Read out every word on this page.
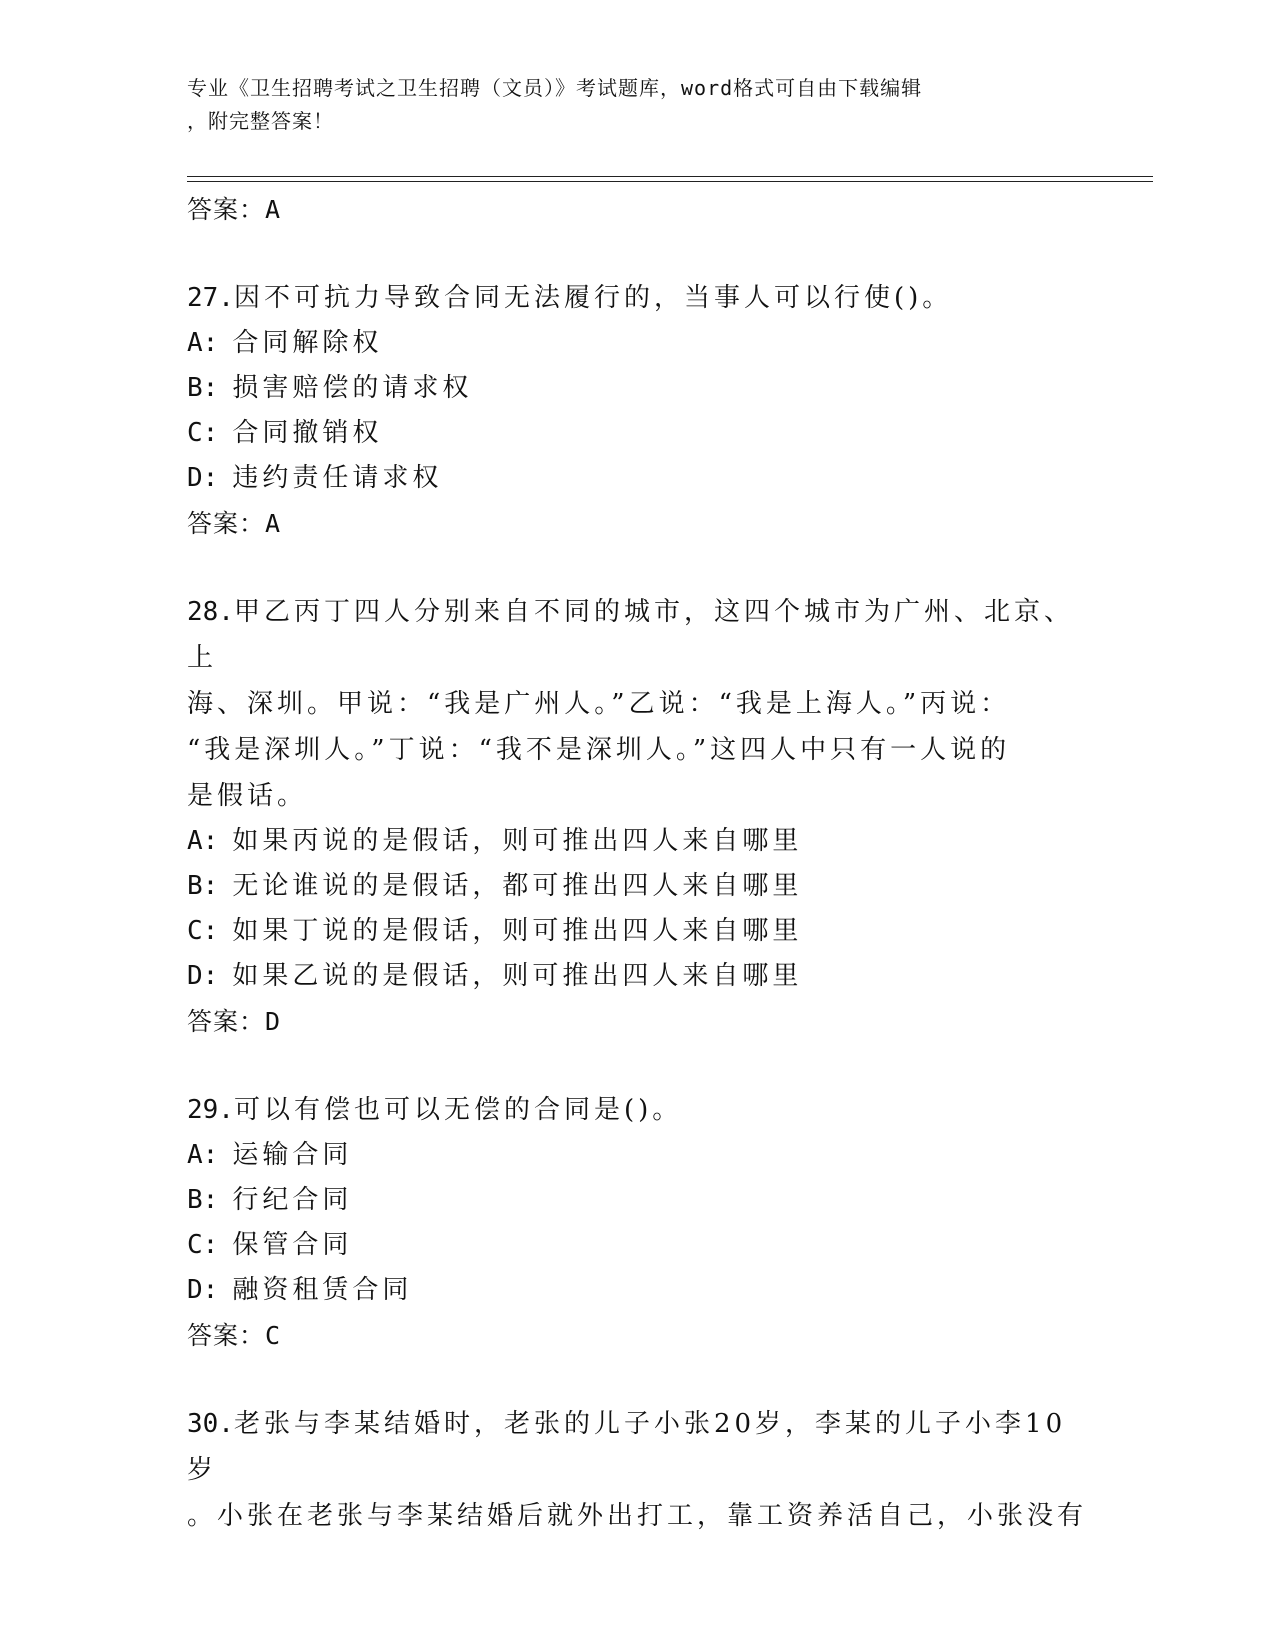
专业《卫生招聘考试之卫生招聘（文员）》考试题库，word格式可自由下载编辑
，附完整答案！
答案：A
27.因不可抗力导致合同无法履行的，当事人可以行使()。
A: 合同解除权
B: 损害赔偿的请求权
C: 合同撤销权
D: 违约责任请求权
答案：A
28.甲乙丙丁四人分别来自不同的城市，这四个城市为广州、北京、上
海、深圳。甲说：“我是广州人。”乙说：“我是上海人。”丙说：
“我是深圳人。”丁说：“我不是深圳人。”这四人中只有一人说的
是假话。
A: 如果丙说的是假话，则可推出四人来自哪里
B: 无论谁说的是假话，都可推出四人来自哪里
C: 如果丁说的是假话，则可推出四人来自哪里
D: 如果乙说的是假话，则可推出四人来自哪里
答案：D
29.可以有偿也可以无偿的合同是()。
A: 运输合同
B: 行纪合同
C: 保管合同
D: 融资租赁合同
答案：C
30.老张与李某结婚时，老张的儿子小张20岁，李某的儿子小李10岁
。小张在老张与李某结婚后就外出打工，靠工资养活自己，小张没有
